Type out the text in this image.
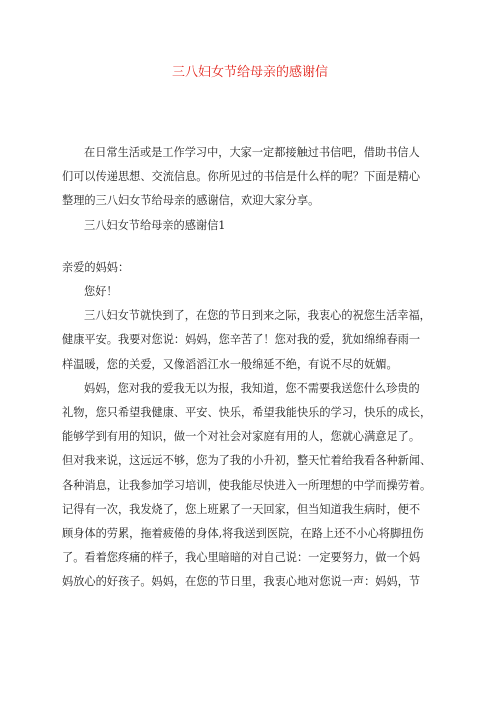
三八妇女节给母亲的感谢信

在日常生活或是工作学习中，大家一定都接触过书信吧，借助书信人

们可以传递思想、交流信息。你所见过的书信是什么样的呢？下面是精心

整理的三八妇女节给母亲的感谢信，欢迎大家分享。

三八妇女节给母亲的感谢信1

亲爱的妈妈：

您好！

三八妇女节就快到了，在您的节日到来之际，我衷心的祝您生活幸福，

健康平安。我要对您说：妈妈，您辛苦了！您对我的爱，犹如绵绵春雨一

样温暖，您的关爱，又像滔滔江水一般绵延不绝，有说不尽的妩媚。

妈妈，您对我的爱我无以为报，我知道，您不需要我送您什么珍贵的

礼物，您只希望我健康、平安、快乐，希望我能快乐的学习，快乐的成长，

能够学到有用的知识，做一个对社会对家庭有用的人，您就心满意足了。

但对我来说，这远远不够，您为了我的小升初，整天忙着给我看各种新闻、

各种消息，让我参加学习培训，使我能尽快进入一所理想的中学而操劳着。

记得有一次，我发烧了，您上班累了一天回家，但当知道我生病时，便不

顾身体的劳累，拖着疲倦的身体,将我送到医院，在路上还不小心将脚扭伤

了。看着您疼痛的样子，我心里暗暗的对自己说：一定要努力，做一个妈

妈放心的好孩子。妈妈，在您的节日里，我衷心地对您说一声：妈妈，节
